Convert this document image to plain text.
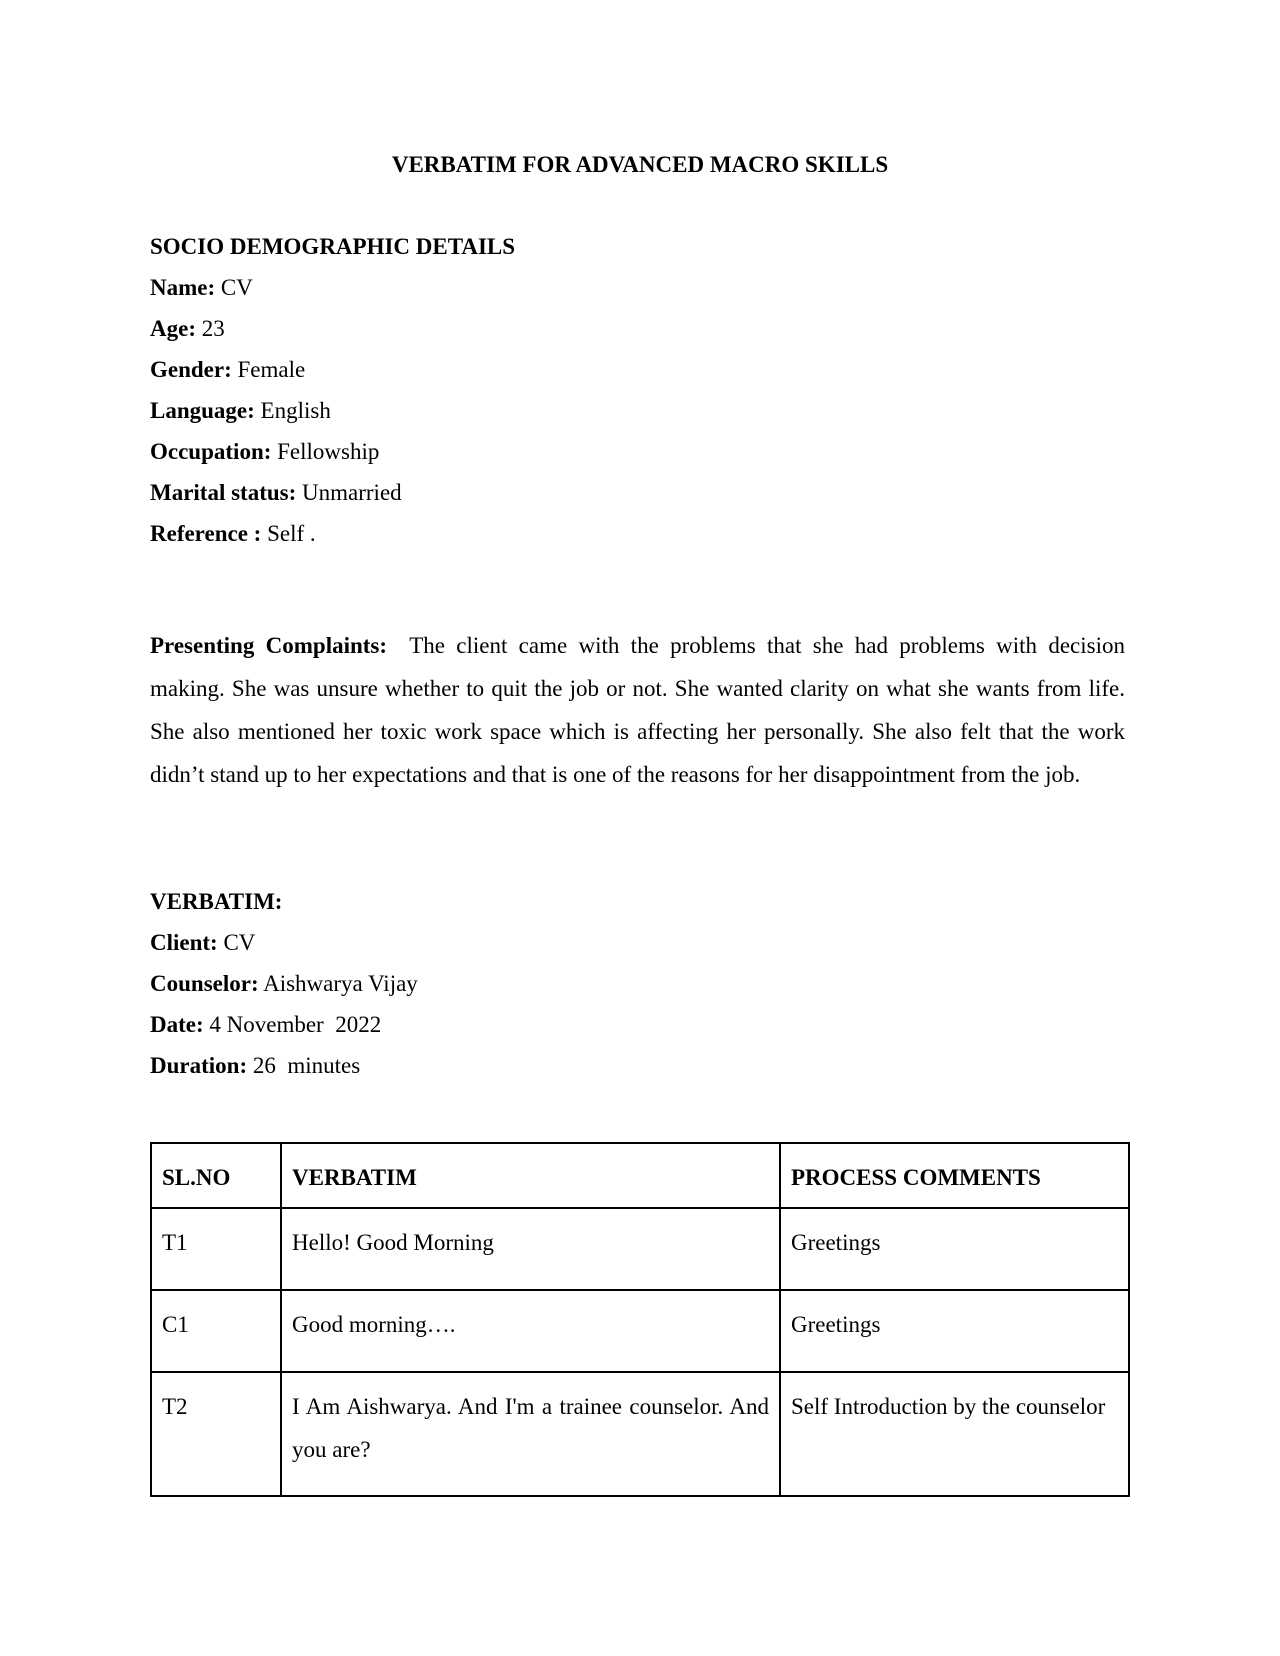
VERBATIM FOR ADVANCED MACRO SKILLS
SOCIO DEMOGRAPHIC DETAILS
Name: CV
Age: 23
Gender: Female
Language: English
Occupation: Fellowship
Marital status: Unmarried
Reference : Self .
Presenting Complaints: The client came with the problems that she had problems with decision making. She was unsure whether to quit the job or not. She wanted clarity on what she wants from life. She also mentioned her toxic work space which is affecting her personally. She also felt that the work didn’t stand up to her expectations and that is one of the reasons for her disappointment from the job.
VERBATIM:
Client: CV
Counselor: Aishwarya Vijay
Date: 4 November  2022
Duration: 26  minutes
SL.NO	VERBATIM	PROCESS COMMENTS
T1	Hello! Good Morning	Greetings
C1	Good morning….	Greetings
T2	I Am Aishwarya. And I'm a trainee counselor. And you are?	Self Introduction by the counselor
